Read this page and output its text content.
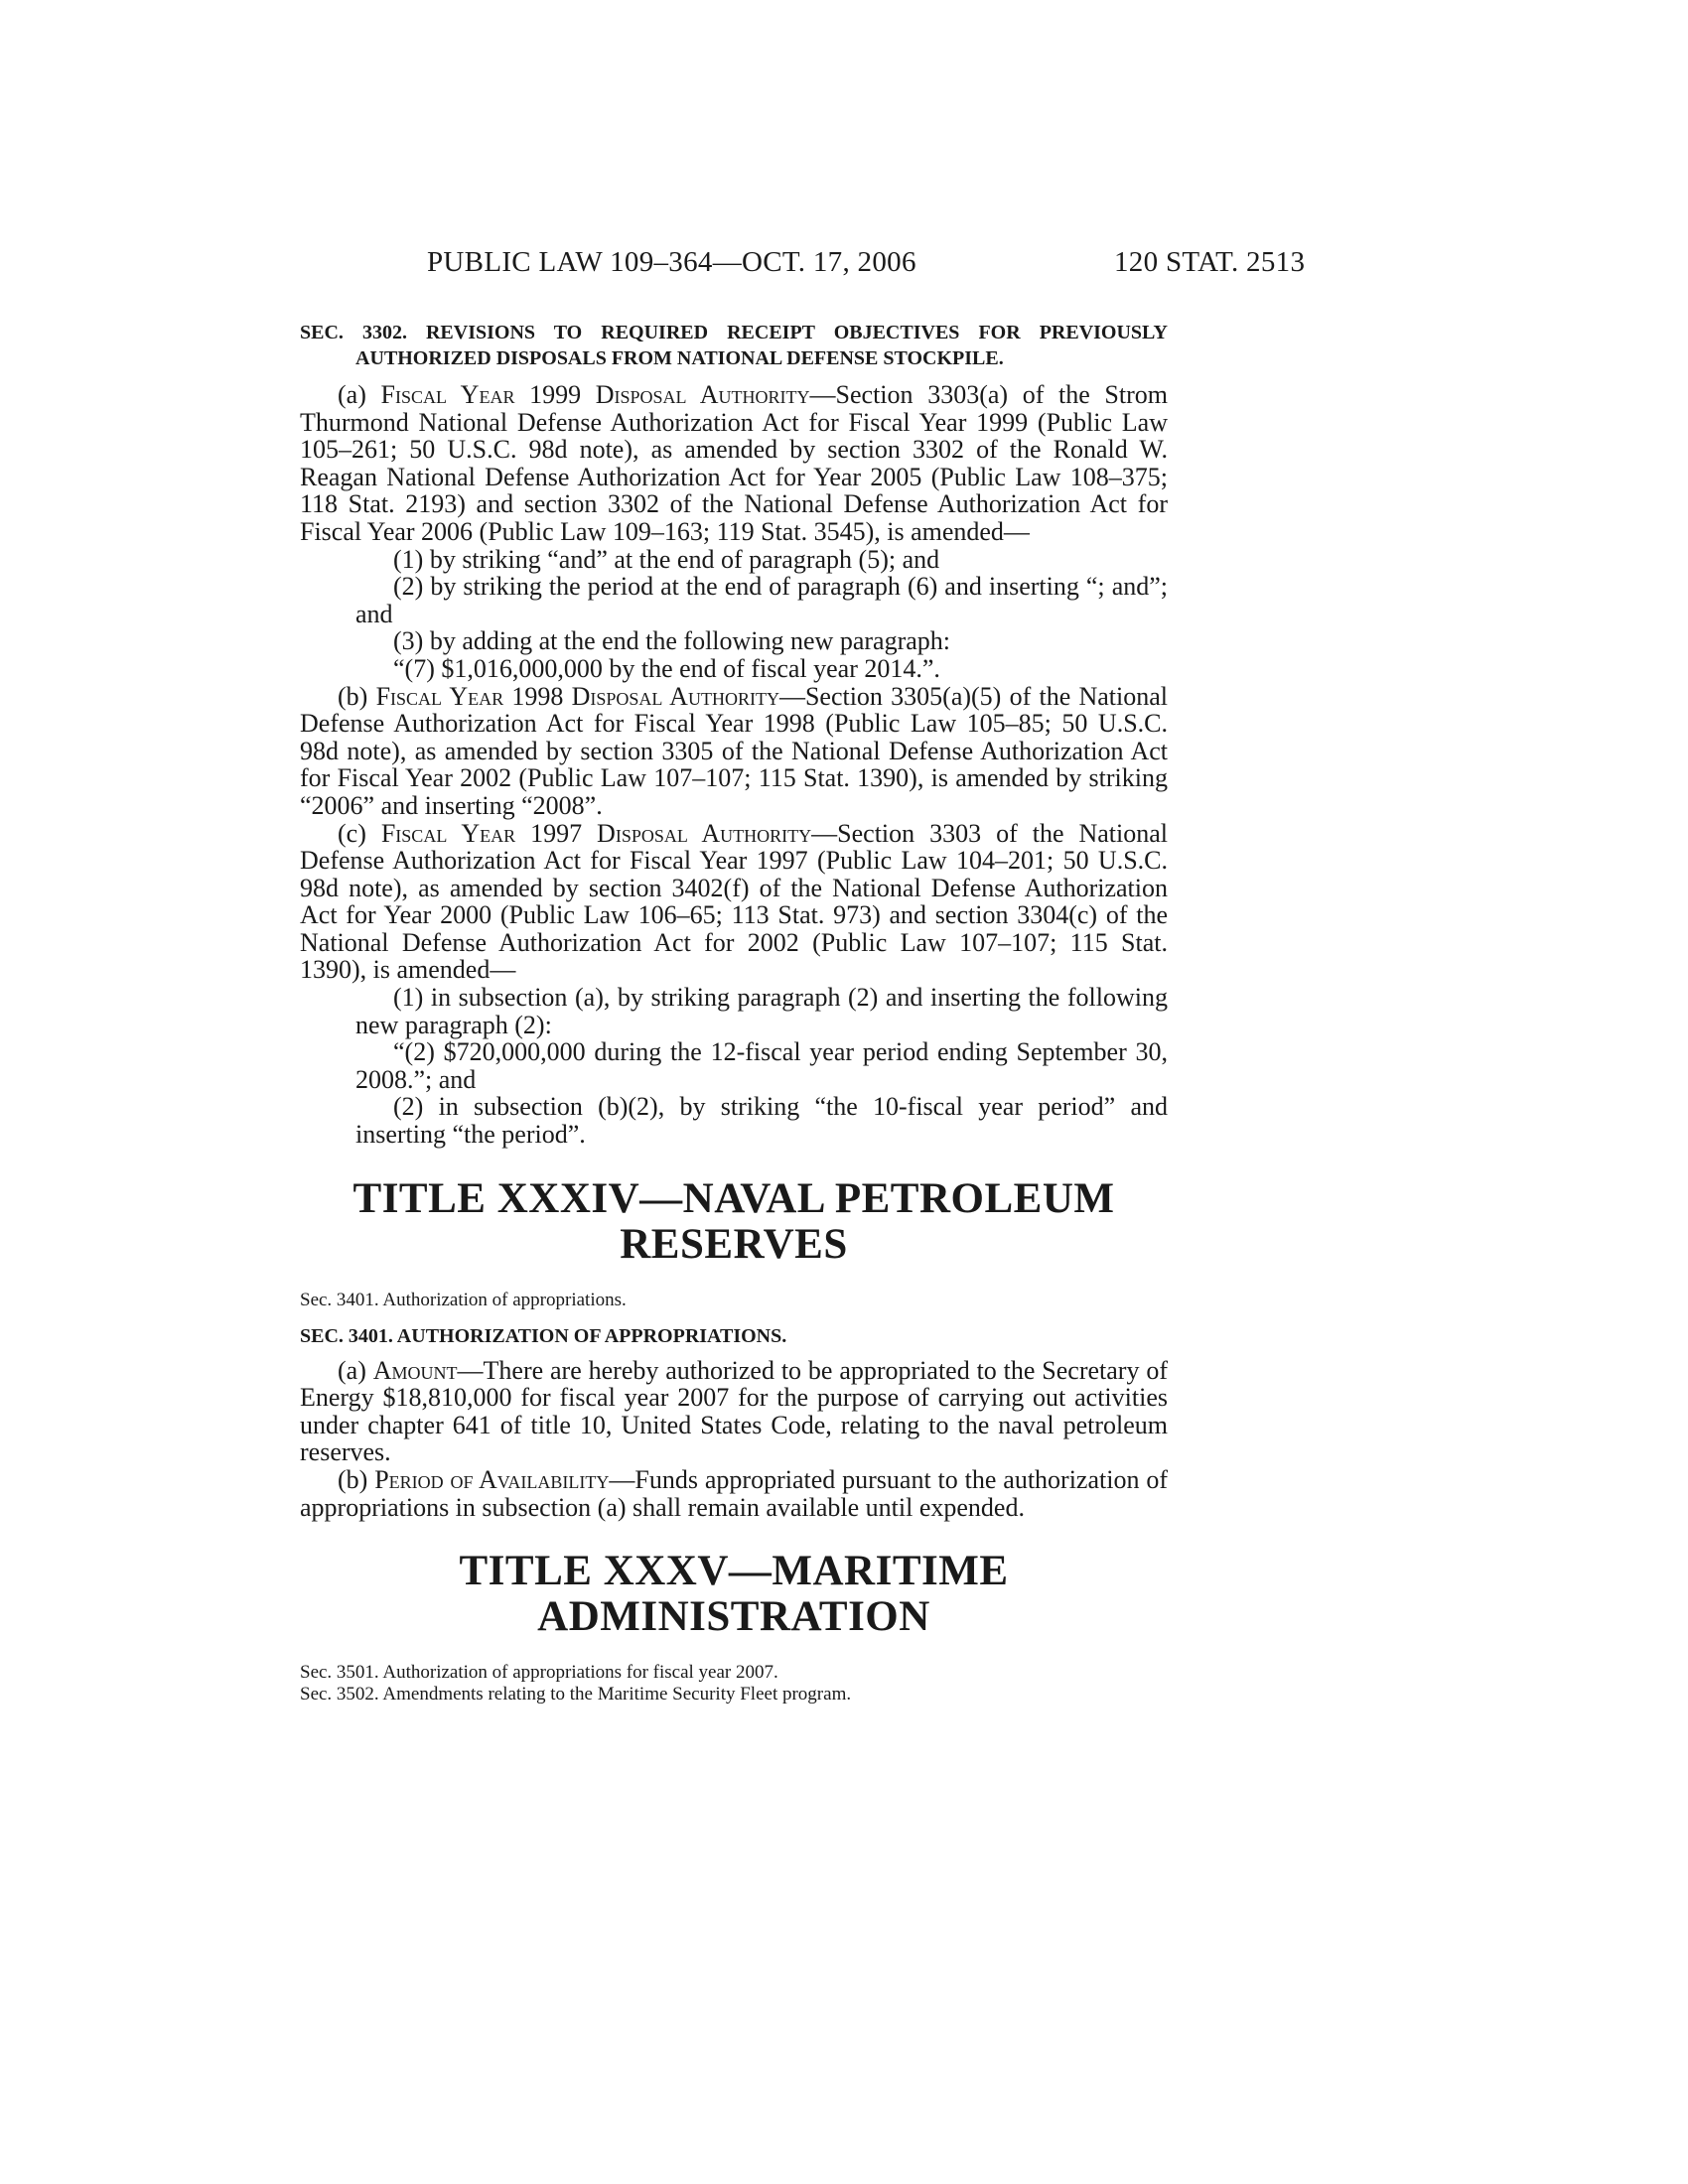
PUBLIC LAW 109–364—OCT. 17, 2006	120 STAT. 2513

SEC. 3302. REVISIONS TO REQUIRED RECEIPT OBJECTIVES FOR PREVIOUSLY AUTHORIZED DISPOSALS FROM NATIONAL DEFENSE STOCKPILE.

(a) Fiscal Year 1999 Disposal Authority—Section 3303(a) of the Strom Thurmond National Defense Authorization Act for Fiscal Year 1999 (Public Law 105–261; 50 U.S.C. 98d note), as amended by section 3302 of the Ronald W. Reagan National Defense Authorization Act for Year 2005 (Public Law 108–375; 118 Stat. 2193) and section 3302 of the National Defense Authorization Act for Fiscal Year 2006 (Public Law 109–163; 119 Stat. 3545), is amended—

(1) by striking “and” at the end of paragraph (5); and

(2) by striking the period at the end of paragraph (6) and inserting “; and”; and

(3) by adding at the end the following new paragraph:

“(7) $1,016,000,000 by the end of fiscal year 2014.”.

(b) Fiscal Year 1998 Disposal Authority—Section 3305(a)(5) of the National Defense Authorization Act for Fiscal Year 1998 (Public Law 105–85; 50 U.S.C. 98d note), as amended by section 3305 of the National Defense Authorization Act for Fiscal Year 2002 (Public Law 107–107; 115 Stat. 1390), is amended by striking “2006” and inserting “2008”.

(c) Fiscal Year 1997 Disposal Authority—Section 3303 of the National Defense Authorization Act for Fiscal Year 1997 (Public Law 104–201; 50 U.S.C. 98d note), as amended by section 3402(f) of the National Defense Authorization Act for Year 2000 (Public Law 106–65; 113 Stat. 973) and section 3304(c) of the National Defense Authorization Act for 2002 (Public Law 107–107; 115 Stat. 1390), is amended—

(1) in subsection (a), by striking paragraph (2) and inserting the following new paragraph (2):

“(2) $720,000,000 during the 12-fiscal year period ending September 30, 2008.”; and

(2) in subsection (b)(2), by striking “the 10-fiscal year period” and inserting “the period”.

TITLE XXXIV—NAVAL PETROLEUM
RESERVES

Sec. 3401. Authorization of appropriations.

SEC. 3401. AUTHORIZATION OF APPROPRIATIONS.

(a) Amount—There are hereby authorized to be appropriated to the Secretary of Energy $18,810,000 for fiscal year 2007 for the purpose of carrying out activities under chapter 641 of title 10, United States Code, relating to the naval petroleum reserves.

(b) Period of Availability—Funds appropriated pursuant to the authorization of appropriations in subsection (a) shall remain available until expended.

TITLE XXXV—MARITIME
ADMINISTRATION

Sec. 3501. Authorization of appropriations for fiscal year 2007.

Sec. 3502. Amendments relating to the Maritime Security Fleet program.
